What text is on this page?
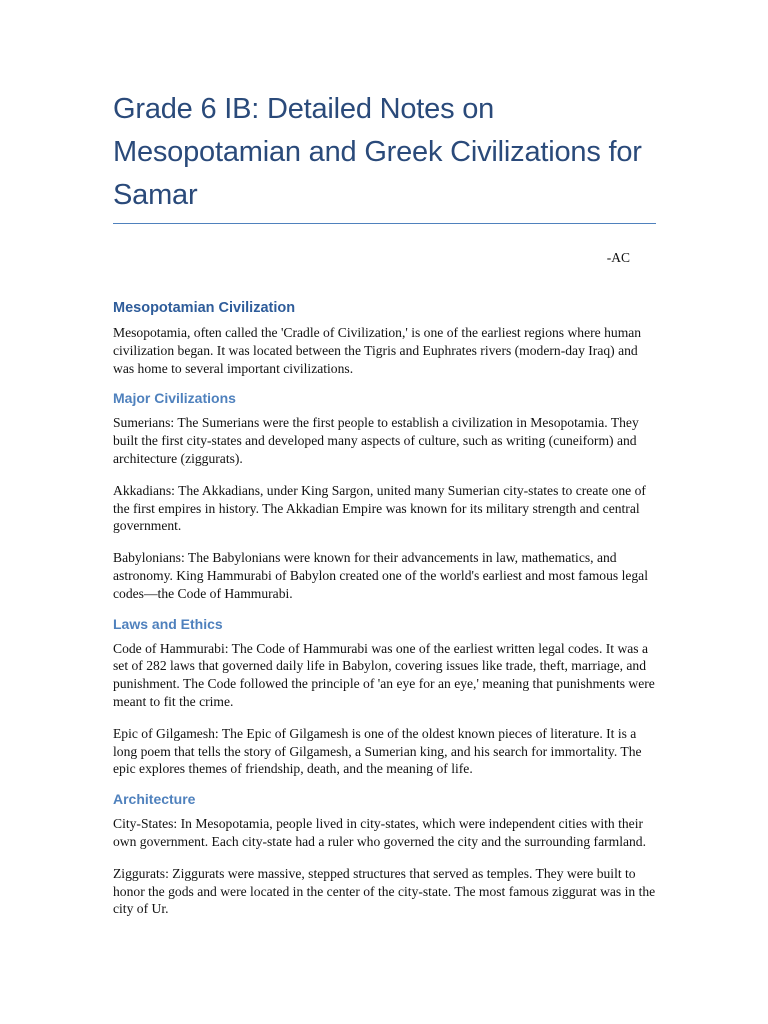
Grade 6 IB: Detailed Notes on Mesopotamian and Greek Civilizations for Samar

-AC

Mesopotamian Civilization

Mesopotamia, often called the 'Cradle of Civilization,' is one of the earliest regions where human civilization began. It was located between the Tigris and Euphrates rivers (modern-day Iraq) and was home to several important civilizations.

Major Civilizations

Sumerians: The Sumerians were the first people to establish a civilization in Mesopotamia. They built the first city-states and developed many aspects of culture, such as writing (cuneiform) and architecture (ziggurats).

Akkadians: The Akkadians, under King Sargon, united many Sumerian city-states to create one of the first empires in history. The Akkadian Empire was known for its military strength and central government.

Babylonians: The Babylonians were known for their advancements in law, mathematics, and astronomy. King Hammurabi of Babylon created one of the world's earliest and most famous legal codes—the Code of Hammurabi.

Laws and Ethics

Code of Hammurabi: The Code of Hammurabi was one of the earliest written legal codes. It was a set of 282 laws that governed daily life in Babylon, covering issues like trade, theft, marriage, and punishment. The Code followed the principle of 'an eye for an eye,' meaning that punishments were meant to fit the crime.

Epic of Gilgamesh: The Epic of Gilgamesh is one of the oldest known pieces of literature. It is a long poem that tells the story of Gilgamesh, a Sumerian king, and his search for immortality. The epic explores themes of friendship, death, and the meaning of life.

Architecture

City-States: In Mesopotamia, people lived in city-states, which were independent cities with their own government. Each city-state had a ruler who governed the city and the surrounding farmland.

Ziggurats: Ziggurats were massive, stepped structures that served as temples. They were built to honor the gods and were located in the center of the city-state. The most famous ziggurat was in the city of Ur.
